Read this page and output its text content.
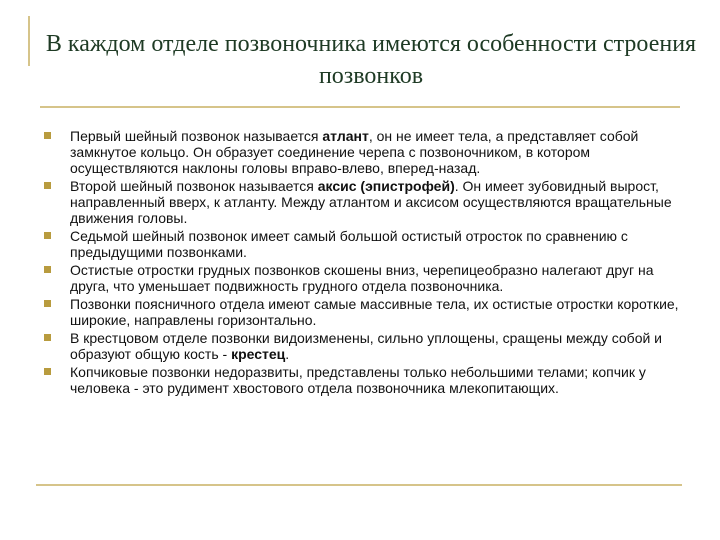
В каждом отделе позвоночника имеются особенности строения позвонков
Первый шейный позвонок называется атлант, он не имеет тела, а представляет собой замкнутое кольцо. Он образует соединение черепа с позвоночником, в котором осуществляются наклоны головы вправо-влево, вперед-назад.
Второй шейный позвонок называется аксис (эпистрофей). Он имеет зубовидный вырост, направленный вверх, к атланту. Между атлантом и аксисом осуществляются вращательные движения головы.
Седьмой шейный позвонок имеет самый большой остистый отросток по сравнению с предыдущими позвонками.
Остистые отростки грудных позвонков скошены вниз, черепицеобразно налегают друг на друга, что уменьшает подвижность грудного отдела позвоночника.
Позвонки поясничного отдела имеют самые массивные тела, их остистые отростки короткие, широкие, направлены горизонтально.
В крестцовом отделе позвонки видоизменены, сильно уплощены, сращены между собой и образуют общую кость - крестец.
Копчиковые позвонки недоразвиты, представлены только небольшими телами; копчик у человека - это рудимент хвостового отдела позвоночника млекопитающих.
